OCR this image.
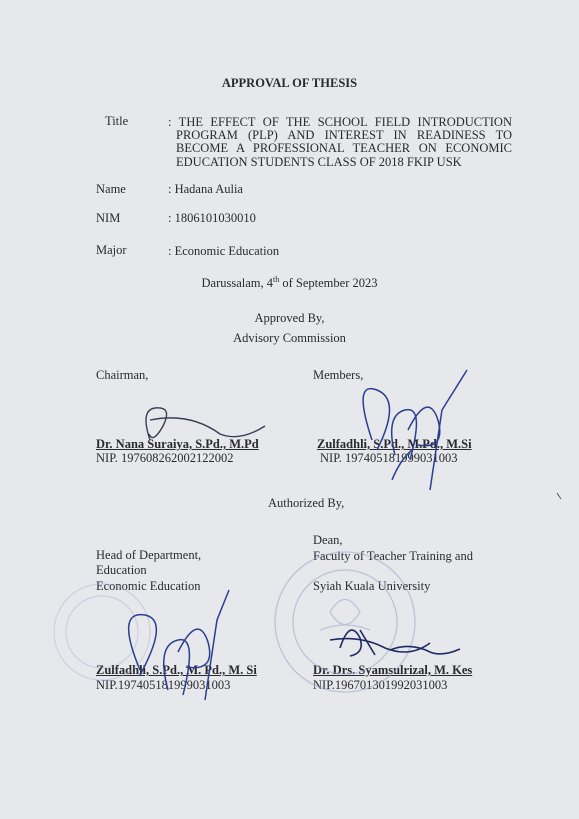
APPROVAL OF THESIS
Title	: THE EFFECT OF THE SCHOOL FIELD INTRODUCTION
PROGRAM (PLP) AND INTEREST IN READINESS TO
BECOME A PROFESSIONAL TEACHER ON ECONOMIC
EDUCATION STUDENTS CLASS OF 2018 FKIP USK
Name	: Hadana Aulia
NIM	: 1806101030010
Major	: Economic Education
Darussalam, 4th of September 2023
Approved By,
Advisory Commission
Chairman,
Dr. Nana Suraiya, S.Pd., M.Pd
NIP. 197608262002122002
Members,
Zulfadhli, S.Pd., M.Pd., M.Si
NIP. 197405181999031003
Authorized By,
Head of Department,
Education
Economic Education
Zulfadhli, S.Pd., M. Pd., M. Si
NIP.197405181999031003
Dean,
Faculty of Teacher Training and
Syiah Kuala University
Dr. Drs. Syamsulrizal, M. Kes
NIP.196701301992031003
